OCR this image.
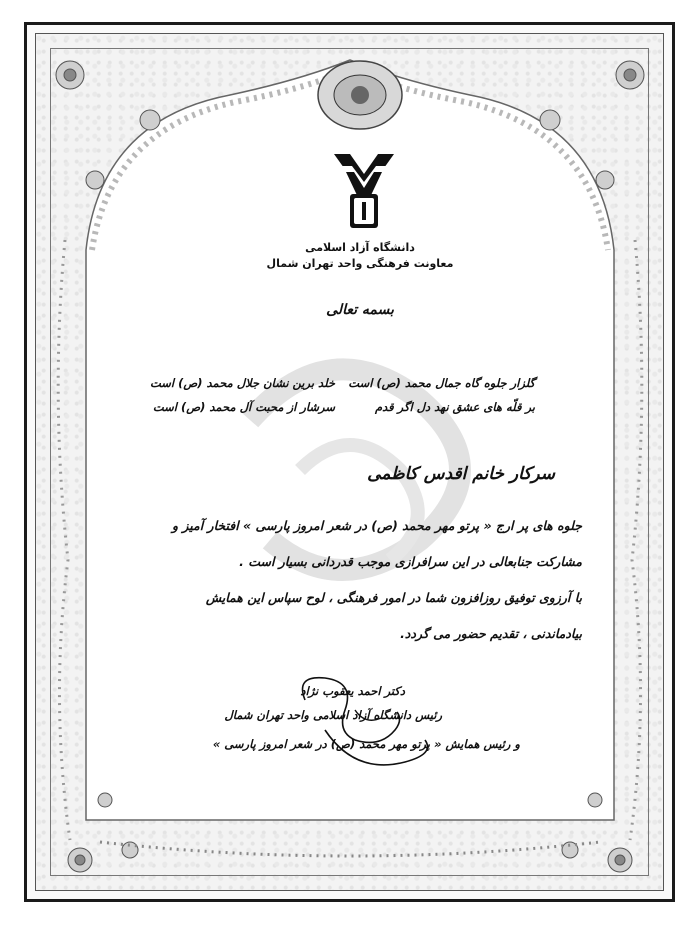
دانشگاه آزاد اسلامی
معاونت فرهنگی واحد تهران شمال
بسمه تعالی
گلزار جلوه گاه جمال محمد (ص) است
خلد برین نشان جلال محمد (ص) است
بر قلّه های عشق نهد دل اگر قدم
سرشار از محبت آل محمد (ص) است
سرکار خانم اقدس کاظمی
جلوه های پر ارج « پرتو مهر محمد (ص) در شعر امروز پارسی » افتخار آمیز و
مشارکت جنابعالی در این سرافرازی موجب قدردانی بسیار است .
با آرزوی توفیق روزافزون شما در امور فرهنگی ، لوح سپاس این همایش
بیادماندنی ، تقدیم حضور می گردد.
دکتر احمد یعقوب نژاد
رئیس دانشگاه آزاد اسلامی واحد تهران شمال
و رئیس همایش « پرتو مهر محمد (ص) در شعر امروز پارسی »
